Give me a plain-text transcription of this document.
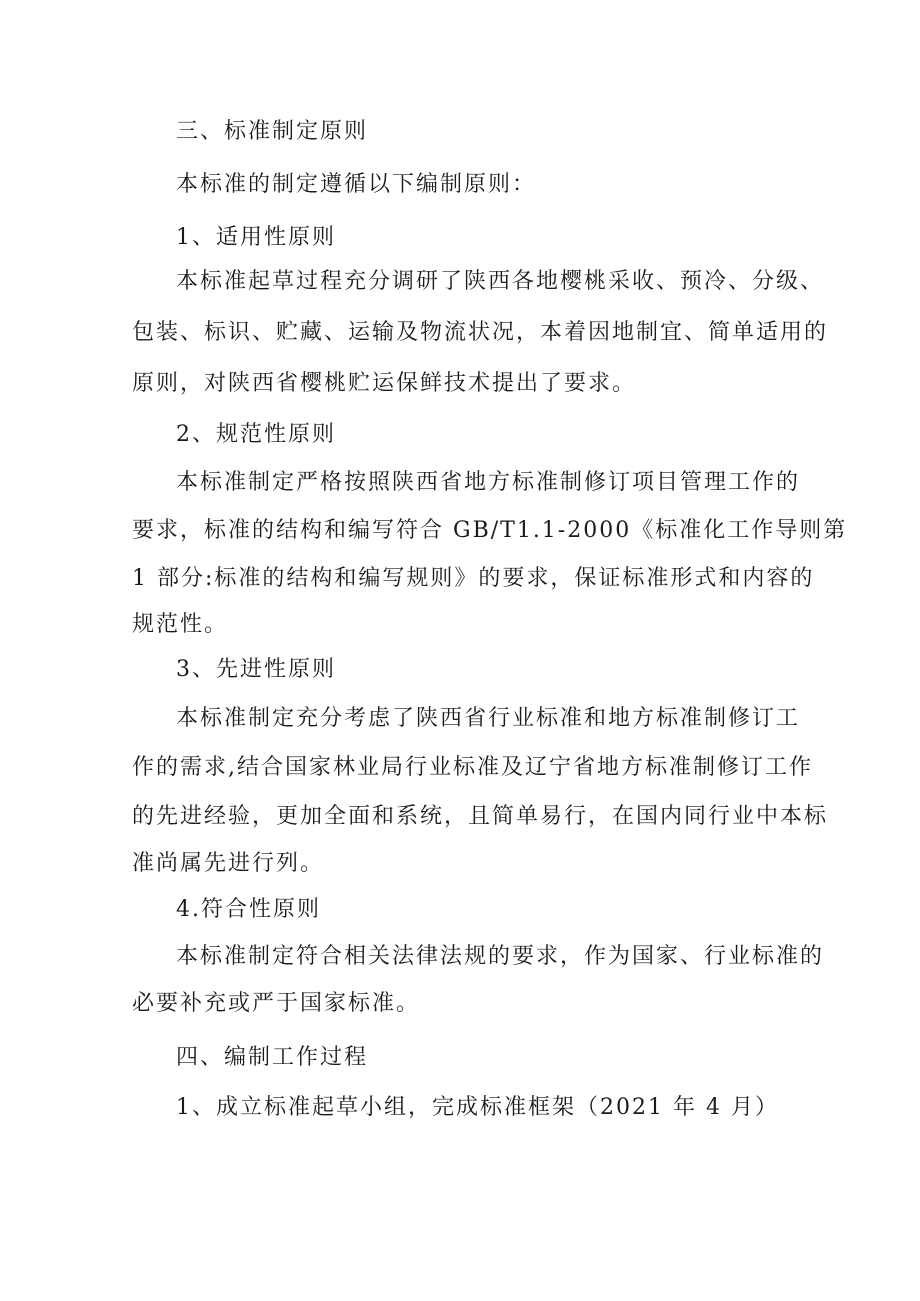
三、标准制定原则
本标准的制定遵循以下编制原则：
1、适用性原则
本标准起草过程充分调研了陕西各地樱桃采收、预冷、分级、
包装、标识、贮藏、运输及物流状况，本着因地制宜、简单适用的
原则，对陕西省樱桃贮运保鲜技术提出了要求。
2、规范性原则
本标准制定严格按照陕西省地方标准制修订项目管理工作的
要求，标准的结构和编写符合 GB/T1.1-2000《标准化工作导则第
1 部分:标准的结构和编写规则》的要求，保证标准形式和内容的
规范性。
3、先进性原则
本标准制定充分考虑了陕西省行业标准和地方标准制修订工
作的需求,结合国家林业局行业标准及辽宁省地方标准制修订工作
的先进经验，更加全面和系统，且简单易行，在国内同行业中本标
准尚属先进行列。
4.符合性原则
本标准制定符合相关法律法规的要求，作为国家、行业标准的
必要补充或严于国家标准。
四、编制工作过程
1、成立标准起草小组，完成标准框架（2021 年 4 月）
